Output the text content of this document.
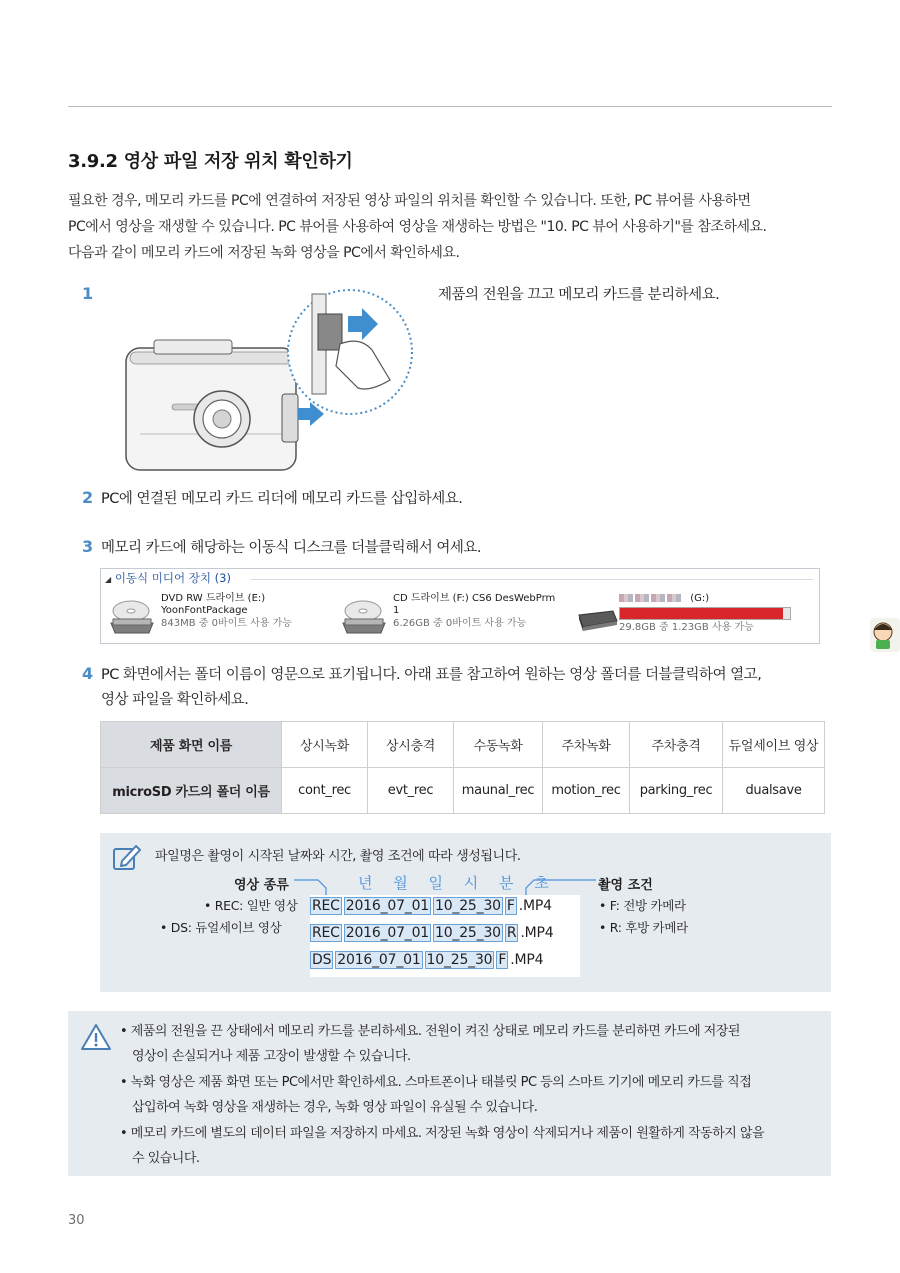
3.9.2 영상 파일 저장 위치 확인하기
필요한 경우, 메모리 카드를 PC에 연결하여 저장된 영상 파일의 위치를 확인할 수 있습니다. 또한, PC 뷰어를 사용하면
PC에서 영상을 재생할 수 있습니다. PC 뷰어를 사용하여 영상을 재생하는 방법은 "10. PC 뷰어 사용하기"를 참조하세요.
다음과 같이 메모리 카드에 저장된 녹화 영상을 PC에서 확인하세요.
1	제품의 전원을 끄고 메모리 카드를 분리하세요.
2 PC에 연결된 메모리 카드 리더에 메모리 카드를 삽입하세요.
3 메모리 카드에 해당하는 이동식 디스크를 더블클릭해서 여세요.
◢ 이동식 미디어 장치 (3)
DVD RW 드라이브 (E:)
YoonFontPackage
843MB 중 0바이트 사용 가능
CD 드라이브 (F:) CS6 DesWebPrm
1
6.26GB 중 0바이트 사용 가능
(G:)
29.8GB 중 1.23GB 사용 가능
4 PC 화면에서는 폴더 이름이 영문으로 표기됩니다. 아래 표를 참고하여 원하는 영상 폴더를 더블클릭하여 열고,
영상 파일을 확인하세요.
제품 화면 이름	상시녹화	상시충격	수동녹화	주차녹화	주차충격	듀얼세이브 영상
microSD 카드의 폴더 이름	cont_rec	evt_rec	maunal_rec	motion_rec	parking_rec	dualsave
파일명은 촬영이 시작된 날짜와 시간, 촬영 조건에 따라 생성됩니다.
영상 종류
• REC: 일반 영상
• DS: 듀얼세이브 영상
년 월 일 시 분 초	촬영 조건
• F: 전방 카메라
• R: 후방 카메라
REC 2016_07_01 10_25_30 F .MP4
REC 2016_07_01 10_25_30 R .MP4
DS 2016_07_01 10_25_30 F .MP4
• 제품의 전원을 끈 상태에서 메모리 카드를 분리하세요. 전원이 켜진 상태로 메모리 카드를 분리하면 카드에 저장된
영상이 손실되거나 제품 고장이 발생할 수 있습니다.
• 녹화 영상은 제품 화면 또는 PC에서만 확인하세요. 스마트폰이나 태블릿 PC 등의 스마트 기기에 메모리 카드를 직접
삽입하여 녹화 영상을 재생하는 경우, 녹화 영상 파일이 유실될 수 있습니다.
• 메모리 카드에 별도의 데이터 파일을 저장하지 마세요. 저장된 녹화 영상이 삭제되거나 제품이 원활하게 작동하지 않을
수 있습니다.
30
